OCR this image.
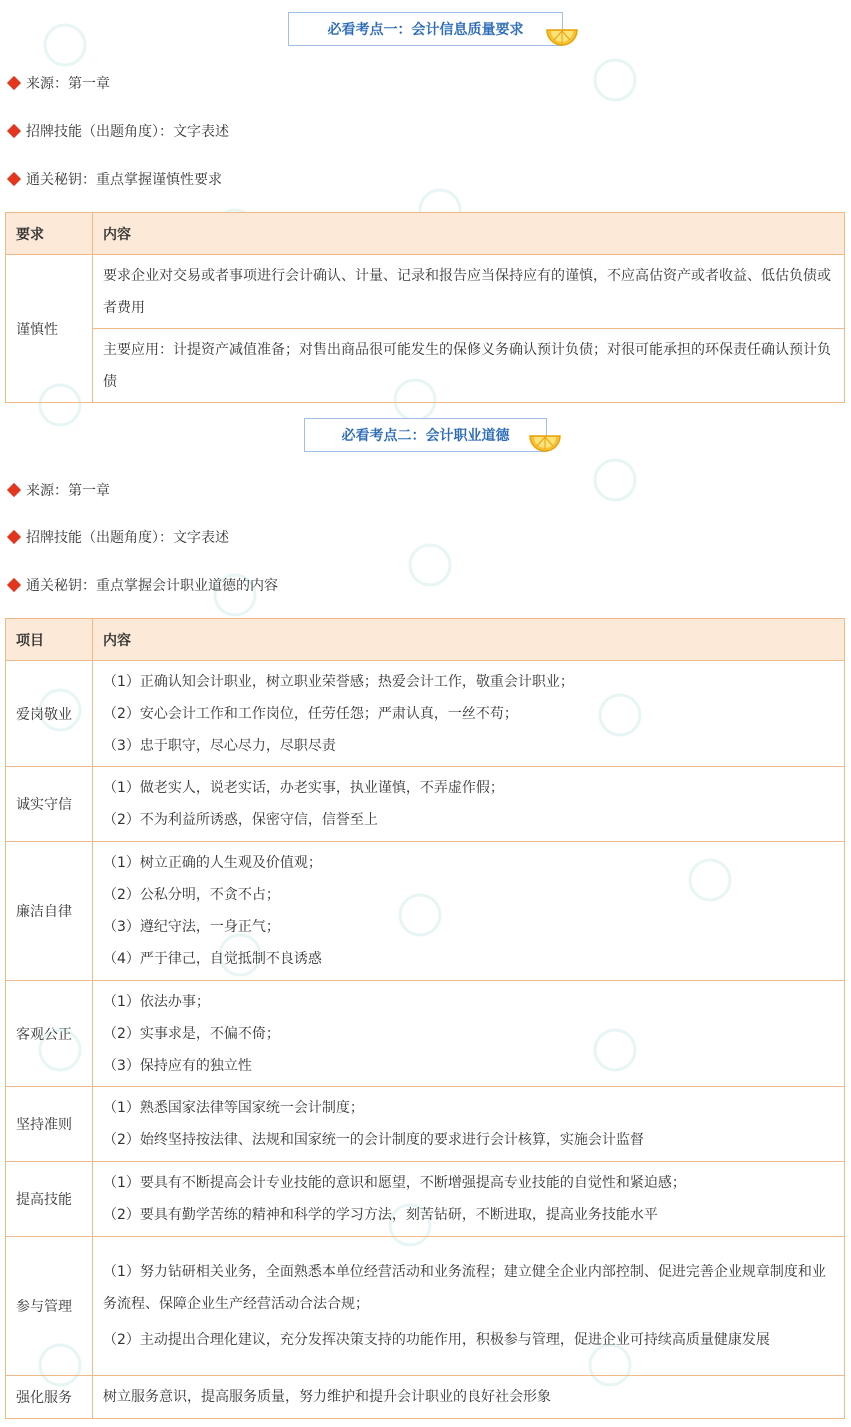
必看考点一：会计信息质量要求
来源：第一章
招牌技能（出题角度）：文字表述
通关秘钥：重点掌握谨慎性要求
要求	内容
谨慎性	要求企业对交易或者事项进行会计确认、计量、记录和报告应当保持应有的谨慎，不应高估资产或者收益、低估负债或者费用
	主要应用：计提资产减值准备；对售出商品很可能发生的保修义务确认预计负债；对很可能承担的环保责任确认预计负债
必看考点二：会计职业道德
来源：第一章
招牌技能（出题角度）：文字表述
通关秘钥：重点掌握会计职业道德的内容
项目	内容
爱岗敬业	（1）正确认知会计职业，树立职业荣誉感；热爱会计工作，敬重会计职业；
（2）安心会计工作和工作岗位，任劳任怨；严肃认真，一丝不苟；
（3）忠于职守，尽心尽力，尽职尽责

诚实守信	（1）做老实人，说老实话，办老实事，执业谨慎，不弄虚作假；
（2）不为利益所诱惑，保密守信，信誉至上

廉洁自律	（1）树立正确的人生观及价值观；
（2）公私分明，不贪不占；
（3）遵纪守法，一身正气；
（4）严于律己，自觉抵制不良诱惑

客观公正	（1）依法办事；
（2）实事求是，不偏不倚；
（3）保持应有的独立性

坚持准则	（1）熟悉国家法律等国家统一会计制度；
（2）始终坚持按法律、法规和国家统一的会计制度的要求进行会计核算，实施会计监督

提高技能	（1）要具有不断提高会计专业技能的意识和愿望，不断增强提高专业技能的自觉性和紧迫感；
（2）要具有勤学苦练的精神和科学的学习方法，刻苦钻研，不断进取，提高业务技能水平

参与管理	（1）努力钻研相关业务，全面熟悉本单位经营活动和业务流程；建立健全企业内部控制、促进完善企业规章制度和业务流程、保障企业生产经营活动合法合规；
（2）主动提出合理化建议，充分发挥决策支持的功能作用，积极参与管理，促进企业可持续高质量健康发展

强化服务	树立服务意识，提高服务质量，努力维护和提升会计职业的良好社会形象
